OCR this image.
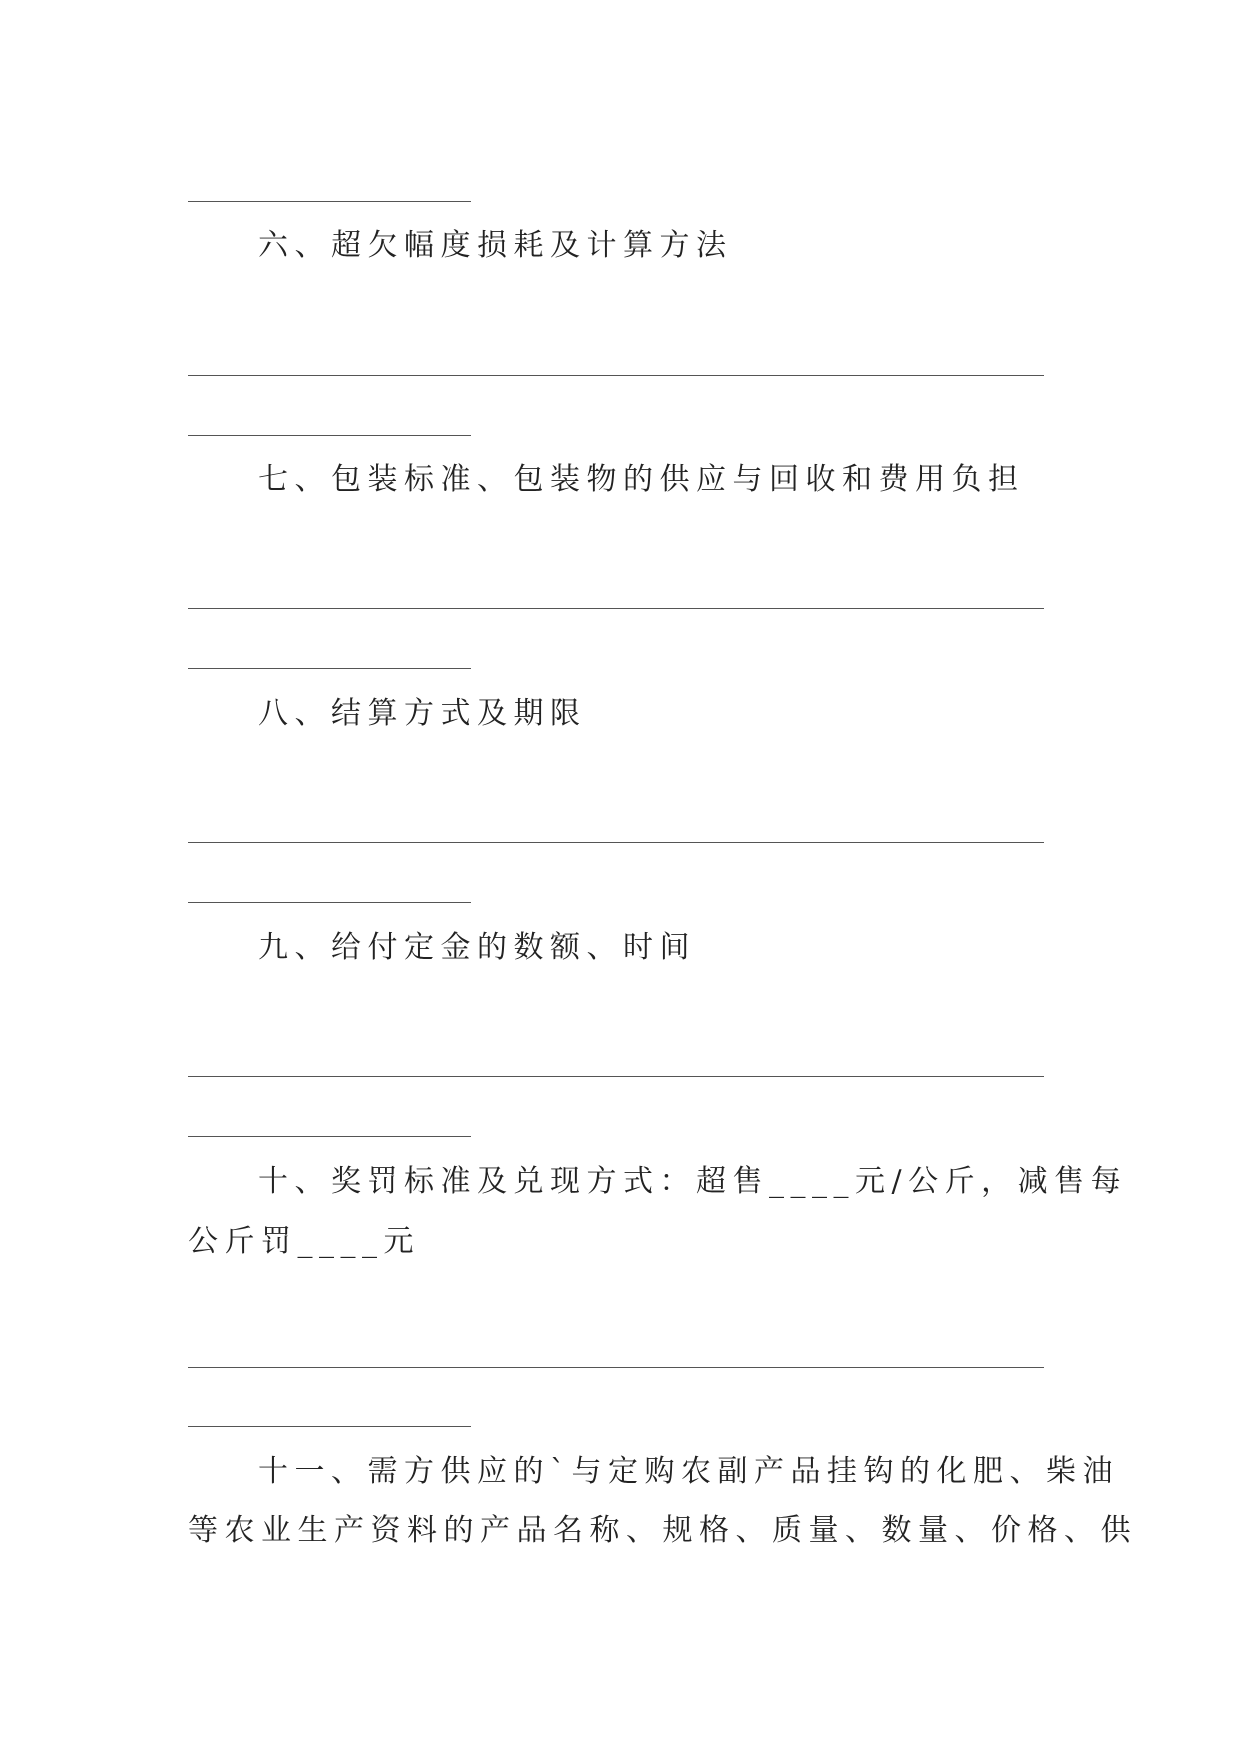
六、超欠幅度损耗及计算方法
七、包装标准、包装物的供应与回收和费用负担
八、结算方式及期限
九、给付定金的数额、时间
十、奖罚标准及兑现方式：超售____元/公斤，减售每
公斤罚____元
十一、需方供应的`与定购农副产品挂钩的化肥、柴油
等农业生产资料的产品名称、规格、质量、数量、价格、供
